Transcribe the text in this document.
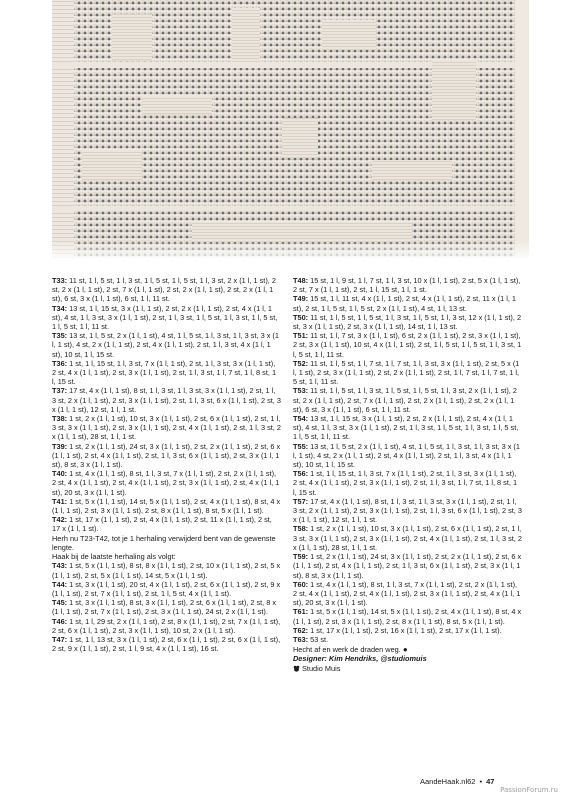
T33: 11 st, 1 l, 5 st, 1 l, 3 st, 1 l, 5 st, 1 l, 5 st, 1 l, 3 st, 2 x (1 l, 1 st), 2 st, 2 x (1 l, 1 st), 2 st, 7 x (1 l, 1 st), 2 st, 2 x (1 l, 1 st), 2 st, 2 x (1 l, 1 st), 6 st, 3 x (1 l, 1 st), 6 st, 1 l, 11 st.

T34: 13 st, 1 l, 15 st, 3 x (1 l, 1 st), 2 st, 2 x (1 l, 1 st), 2 st, 4 x (1 l, 1 st), 4 st, 1 l, 3 st, 3 x (1 l, 1 st), 2 st, 1 l, 3 st, 1 l, 5 st, 1 l, 3 st, 1 l, 5 st, 1 l, 5 st, 1 l, 11 st.

T35: 13 st, 1 l, 5 st, 2 x (1 l, 1 st), 4 st, 1 l, 5 st, 1 l, 3 st, 1 l, 3 st, 3 x (1 l, 1 st), 4 st, 2 x (1 l, 1 st), 2 st, 4 x (1 l, 1 st), 2 st, 1 l, 3 st, 4 x (1 l, 1 st), 10 st, 1 l, 15 st.

T36: 1 st, 1 l, 15 st, 1 l, 3 st, 7 x (1 l, 1 st), 2 st, 1 l, 3 st, 3 x (1 l, 1 st), 2 st, 4 x (1 l, 1 st), 2 st, 3 x (1 l, 1 st), 2 st, 1 l, 3 st, 1 l, 7 st, 1 l, 8 st, 1 l, 15 st.

T37: 17 st, 4 x (1 l, 1 st), 8 st, 1 l, 3 st, 1 l, 3 st, 3 x (1 l, 1 st), 2 st, 1 l, 3 st, 2 x (1 l, 1 st), 2 st, 3 x (1 l, 1 st), 2 st, 1 l, 3 st, 6 x (1 l, 1 st), 2 st, 3 x (1 l, 1 st), 12 st, 1 l, 1 st.

T38: 1 st, 2 x (1 l, 1 st), 10 st, 3 x (1 l, 1 st), 2 st, 6 x (1 l, 1 st), 2 st, 1 l, 3 st, 3 x (1 l, 1 st), 2 st, 3 x (1 l, 1 st), 2 st, 4 x (1 l, 1 st), 2 st, 1 l, 3 st, 2 x (1 l, 1 st), 28 st, 1 l, 1 st.

T39: 1 st, 2 x (1 l, 1 st), 24 st, 3 x (1 l, 1 st), 2 st, 2 x (1 l, 1 st), 2 st, 6 x (1 l, 1 st), 2 st, 4 x (1 l, 1 st), 2 st, 1 l, 3 st, 6 x (1 l, 1 st), 2 st, 3 x (1 l, 1 st), 8 st, 3 x (1 l, 1 st).

T40: 1 st, 4 x (1 l, 1 st), 8 st, 1 l, 3 st, 7 x (1 l, 1 st), 2 st, 2 x (1 l, 1 st), 2 st, 4 x (1 l, 1 st), 2 st, 4 x (1 l, 1 st), 2 st, 3 x (1 l, 1 st), 2 st, 4 x (1 l, 1 st), 20 st, 3 x (1 l, 1 st).

T41: 1 st, 5 x (1 l, 1 st), 14 st, 5 x (1 l, 1 st), 2 st, 4 x (1 l, 1 st), 8 st, 4 x (1 l, 1 st), 2 st, 3 x (1 l, 1 st), 2 st, 8 x (1 l, 1 st), 8 st, 5 x (1 l, 1 st).

T42: 1 st, 17 x (1 l, 1 st), 2 st, 4 x (1 l, 1 st), 2 st, 11 x (1 l, 1 st), 2 st, 17 x (1 l, 1 st).

Herh nu T23-T42, tot je 1 herhaling verwijderd bent van de gewenste lengte.

Haak bij de laatste herhaling als volgt:

T43: 1 st, 5 x (1 l, 1 st), 8 st, 8 x (1 l, 1 st), 2 st, 10 x (1 l, 1 st), 2 st, 5 x (1 l, 1 st), 2 st, 5 x (1 l, 1 st), 14 st, 5 x (1 l, 1 st).

T44: 1 st, 3 x (1 l, 1 st), 20 st, 4 x (1 l, 1 st), 2 st, 6 x (1 l, 1 st), 2 st, 9 x (1 l, 1 st), 2 st, 7 x (1 l, 1 st), 2 st, 1 l, 5 st, 4 x (1 l, 1 st).

T45: 1 st, 3 x (1 l, 1 st), 8 st, 3 x (1 l, 1 st), 2 st, 6 x (1 l, 1 st), 2 st, 8 x (1 l, 1 st), 2 st, 7 x (1 l, 1 st), 2 st, 3 x (1 l, 1 st), 24 st, 2 x (1 l, 1 st).

T46: 1 st, 1 l, 29 st, 2 x (1 l, 1 st), 2 st, 8 x (1 l, 1 st), 2 st, 7 x (1 l, 1 st), 2 st, 6 x (1 l, 1 st), 2 st, 3 x (1 l, 1 st), 10 st, 2 x (1 l, 1 st).

T47: 1 st, 1 l, 13 st, 3 x (1 l, 1 st), 2 st, 6 x (1 l, 1 st), 2 st, 6 x (1 l, 1 st), 2 st, 9 x (1 l, 1 st), 2 st, 1 l, 9 st, 4 x (1 l, 1 st), 16 st.

T48: 15 st, 1 l, 9 st, 1 l, 7 st, 1 l, 3 st, 10 x (1 l, 1 st), 2 st, 5 x (1 l, 1 st), 2 st, 7 x (1 l, 1 st), 2 st, 1 l, 15 st, 1 l, 1 st.

T49: 15 st, 1 l, 11 st, 4 x (1 l, 1 st), 2 st, 4 x (1 l, 1 st), 2 st, 11 x (1 l, 1 st), 2 st, 1 l, 5 st, 1 l, 5 st, 2 x (1 l, 1 st), 4 st, 1 l, 13 st.

T50: 11 st, 1 l, 5 st, 1 l, 5 st, 1 l, 3 st, 1 l, 5 st, 1 l, 3 st, 12 x (1 l, 1 st), 2 st, 3 x (1 l, 1 st), 2 st, 3 x (1 l, 1 st), 14 st, 1 l, 13 st.

T51: 11 st, 1 l, 7 st, 3 x (1 l, 1 st), 6 st, 2 x (1 l, 1 st), 2 st, 3 x (1 l, 1 st), 2 st, 3 x (1 l, 1 st), 10 st, 4 x (1 l, 1 st), 2 st, 1 l, 5 st, 1 l, 5 st, 1 l, 3 st, 1 l, 5 st, 1 l, 11 st.

T52: 11 st, 1 l, 5 st, 1 l, 7 st, 1 l, 7 st, 1 l, 3 st, 3 x (1 l, 1 st), 2 st, 5 x (1 l, 1 st), 2 st, 3 x (1 l, 1 st), 2 st, 2 x (1 l, 1 st), 2 st, 1 l, 7 st, 1 l, 7 st, 1 l, 5 st, 1 l, 11 st.

T53: 11 st, 1 l, 5 st, 1 l, 3 st, 1 l, 5 st, 1 l, 5 st, 1 l, 3 st, 2 x (1 l, 1 st), 2 st, 2 x (1 l, 1 st), 2 st, 7 x (1 l, 1 st), 2 st, 2 x (1 l, 1 st), 2 st, 2 x (1 l, 1 st), 6 st, 3 x (1 l, 1 st), 6 st, 1 l, 11 st.

T54: 13 st, 1 l, 15 st, 3 x (1 l, 1 st), 2 st, 2 x (1 l, 1 st), 2 st, 4 x (1 l, 1 st), 4 st, 1 l, 3 st, 3 x (1 l, 1 st), 2 st, 1 l, 3 st, 1 l, 5 st, 1 l, 3 st, 1 l, 5 st, 1 l, 5 st, 1 l, 11 st.

T55: 13 st, 1 l, 5 st, 2 x (1 l, 1 st), 4 st, 1 l, 5 st, 1 l, 3 st, 1 l, 3 st, 3 x (1 l, 1 st), 4 st, 2 x (1 l, 1 st), 2 st, 4 x (1 l, 1 st), 2 st, 1 l, 3 st, 4 x (1 l, 1 st), 10 st, 1 l, 15 st.

T56: 1 st, 1 l, 15 st, 1 l, 3 st, 7 x (1 l, 1 st), 2 st, 1 l, 3 st, 3 x (1 l, 1 st), 2 st, 4 x (1 l, 1 st), 2 st, 3 x (1 l, 1 st), 2 st, 1 l, 3 st, 1 l, 7 st, 1 l, 8 st, 1 l, 15 st.

T57: 17 st, 4 x (1 l, 1 st), 8 st, 1 l, 3 st, 1 l, 3 st, 3 x (1 l, 1 st), 2 st, 1 l, 3 st, 2 x (1 l, 1 st), 2 st, 3 x (1 l, 1 st), 2 st, 1 l, 3 st, 6 x (1 l, 1 st), 2 st, 3 x (1 l, 1 st), 12 st, 1 l, 1 st.

T58: 1 st, 2 x (1 l, 1 st), 10 st, 3 x (1 l, 1 st), 2 st, 6 x (1 l, 1 st), 2 st, 1 l, 3 st, 3 x (1 l, 1 st), 2 st, 3 x (1 l, 1 st), 2 st, 4 x (1 l, 1 st), 2 st, 1 l, 3 st, 2 x (1 l, 1 st), 28 st, 1 l, 1 st.

T59: 1 st, 2 x (1 l, 1 st), 24 st, 3 x (1 l, 1 st), 2 st, 2 x (1 l, 1 st), 2 st, 6 x (1 l, 1 st), 2 st, 4 x (1 l, 1 st), 2 st, 1 l, 3 st, 6 x (1 l, 1 st), 2 st, 3 x (1 l, 1 st), 8 st, 3 x (1 l, 1 st).

T60: 1 st, 4 x (1 l, 1 st), 8 st, 1 l, 3 st, 7 x (1 l, 1 st), 2 st, 2 x (1 l, 1 st), 2 st, 4 x (1 l, 1 st), 2 st, 4 x (1 l, 1 st), 2 st, 3 x (1 l, 1 st), 2 st, 4 x (1 l, 1 st), 20 st, 3 x (1 l, 1 st).

T61: 1 st, 5 x (1 l, 1 st), 14 st, 5 x (1 l, 1 st), 2 st, 4 x (1 l, 1 st), 8 st, 4 x (1 l, 1 st), 2 st, 3 x (1 l, 1 st), 2 st, 8 x (1 l, 1 st), 8 st, 5 x (1 l, 1 st).

T62: 1 st, 17 x (1 l, 1 st), 2 st, 16 x (1 l, 1 st), 2 st, 17 x (1 l, 1 st).

T63: 53 st.

Hecht af en werk de draden weg. ●

Designer: Kim Hendriks, @studiomuis

Studio Muis

AandeHaak.nl62 • 47
PassionForum.ru
